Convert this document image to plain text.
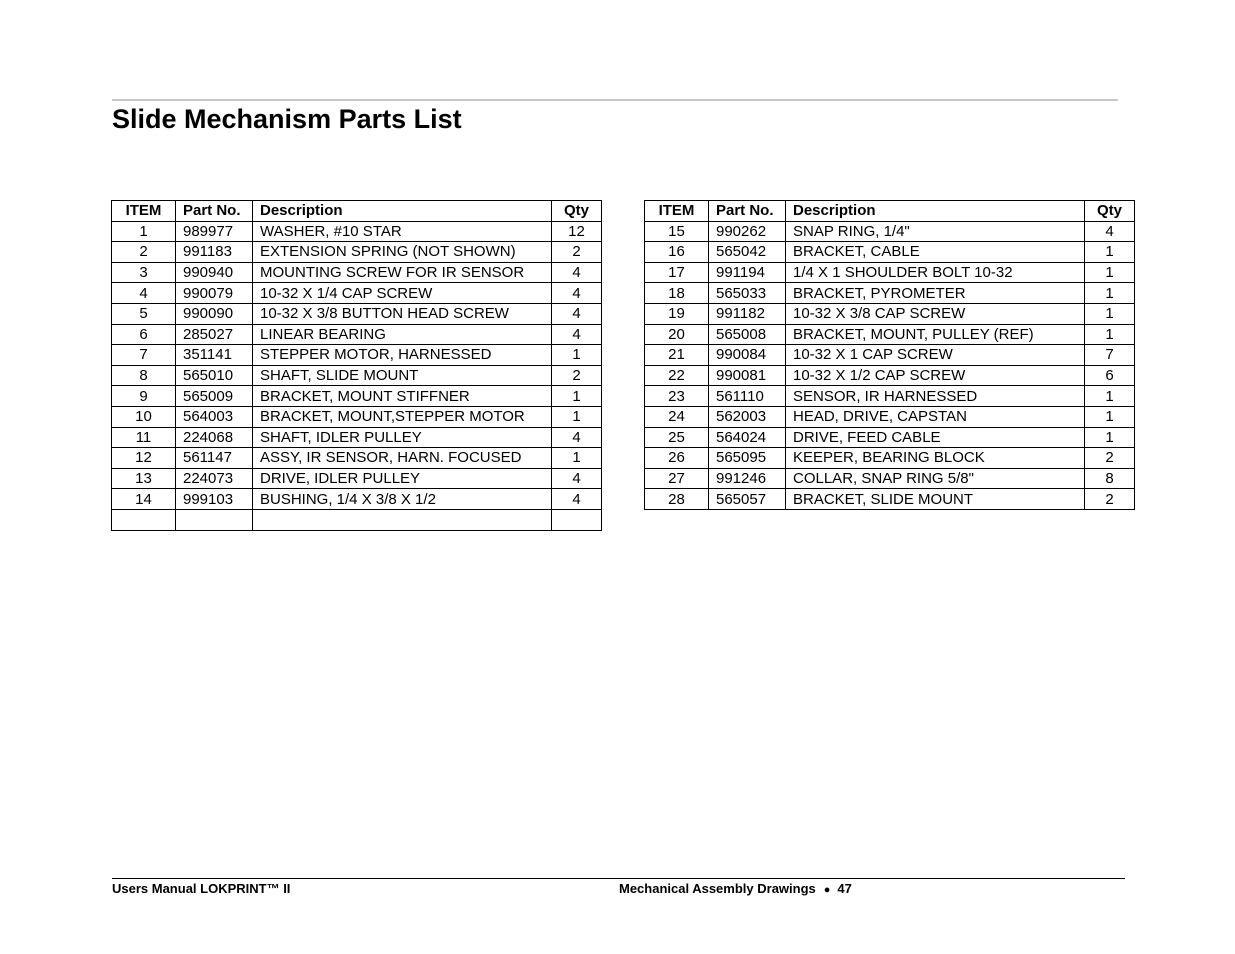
Slide Mechanism Parts List
ITEM	Part No.	Description	Qty
1	989977	WASHER, #10 STAR	12
2	991183	EXTENSION SPRING (NOT SHOWN)	2
3	990940	MOUNTING SCREW FOR IR SENSOR	4
4	990079	10-32 X 1/4 CAP SCREW	4
5	990090	10-32 X 3/8 BUTTON HEAD SCREW	4
6	285027	LINEAR BEARING	4
7	351141	STEPPER MOTOR, HARNESSED	1
8	565010	SHAFT, SLIDE MOUNT	2
9	565009	BRACKET, MOUNT STIFFNER	1
10	564003	BRACKET, MOUNT,STEPPER MOTOR	1
11	224068	SHAFT, IDLER PULLEY	4
12	561147	ASSY, IR SENSOR, HARN. FOCUSED	1
13	224073	DRIVE, IDLER PULLEY	4
14	999103	BUSHING, 1/4 X 3/8 X 1/2	4

ITEM	Part No.	Description	Qty
15	990262	SNAP RING, 1/4"	4
16	565042	BRACKET, CABLE	1
17	991194	1/4 X 1 SHOULDER BOLT 10-32	1
18	565033	BRACKET, PYROMETER	1
19	991182	10-32 X 3/8 CAP SCREW	1
20	565008	BRACKET, MOUNT, PULLEY (REF)	1
21	990084	10-32 X 1 CAP SCREW	7
22	990081	10-32 X 1/2 CAP SCREW	6
23	561110	SENSOR, IR HARNESSED	1
24	562003	HEAD, DRIVE, CAPSTAN	1
25	564024	DRIVE, FEED CABLE	1
26	565095	KEEPER, BEARING BLOCK	2
27	991246	COLLAR, SNAP RING 5/8"	8
28	565057	BRACKET, SLIDE MOUNT	2
Users Manual LOKPRINT™ II	Mechanical Assembly Drawings ● 47
